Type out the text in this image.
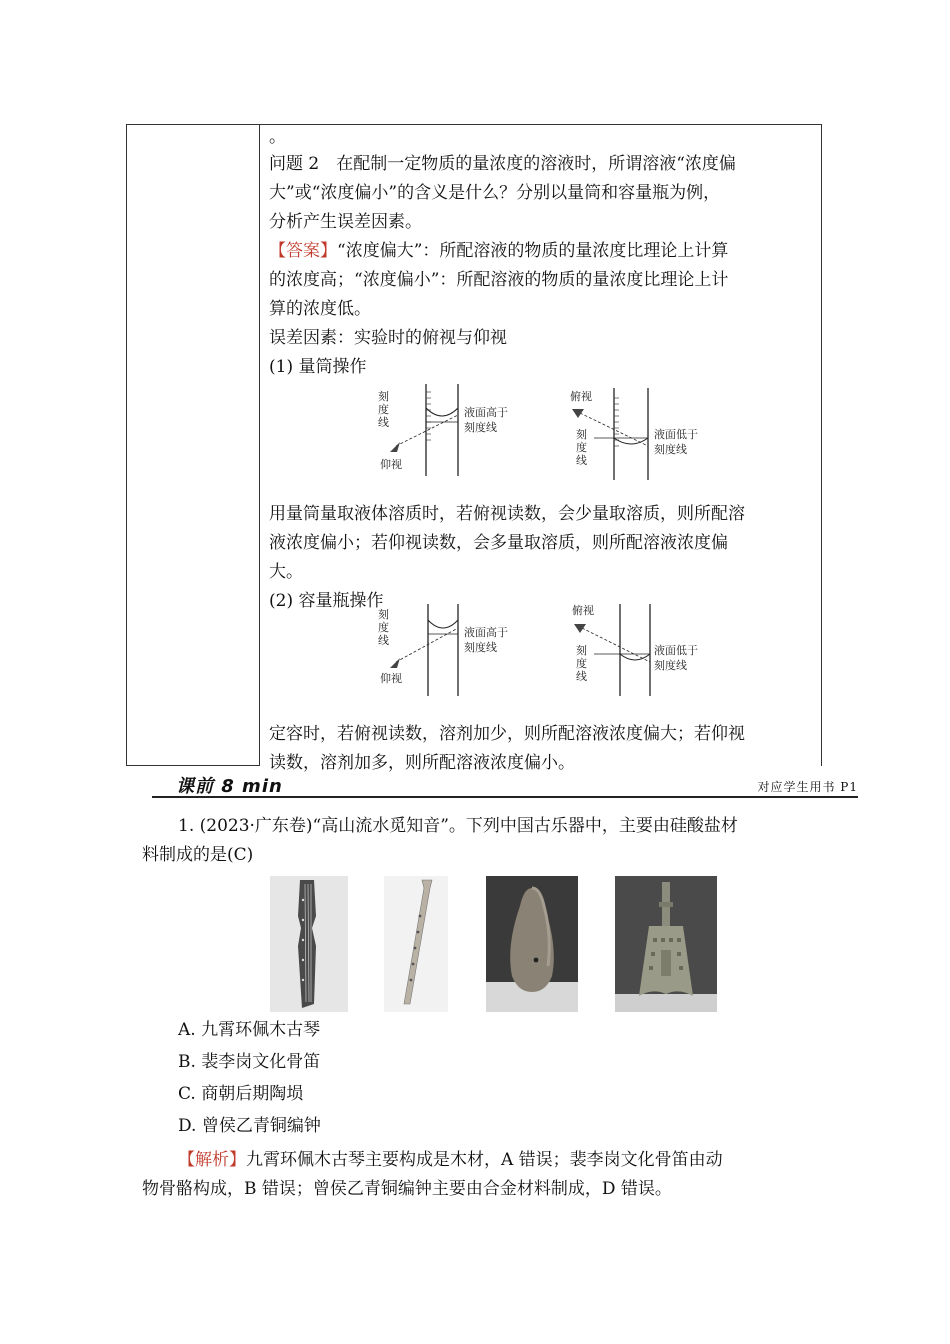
。
问题 2　在配制一定物质的量浓度的溶液时，所谓溶液“浓度偏
大”或“浓度偏小”的含义是什么？分别以量筒和容量瓶为例，
分析产生误差因素。
【答案】“浓度偏大”：所配溶液的物质的量浓度比理论上计算
的浓度高；“浓度偏小”：所配溶液的物质的量浓度比理论上计
算的浓度低。
误差因素：实验时的俯视与仰视
(1) 量筒操作
用量筒量取液体溶质时，若俯视读数，会少量取溶质，则所配溶
液浓度偏小；若仰视读数，会多量取溶质，则所配溶液浓度偏
大。
(2) 容量瓶操作
定容时，若俯视读数，溶剂加少，则所配溶液浓度偏大；若仰视
读数，溶剂加多，则所配溶液浓度偏小。
刻
度
线
仰视
液面高于
刻度线
俯视
刻
度
线
液面低于
刻度线
刻
度
线
仰视
液面高于
刻度线
俯视
刻
度
线
液面低于
刻度线
课前 8 min	对应学生用书 P1
1. (2023·广东卷)“高山流水觅知音”。下列中国古乐器中，主要由硅酸盐材
料制成的是(C)
A. 九霄环佩木古琴
B. 裴李岗文化骨笛
C. 商朝后期陶埙
D. 曾侯乙青铜编钟
【解析】九霄环佩木古琴主要构成是木材，A 错误；裴李岗文化骨笛由动
物骨骼构成，B 错误；曾侯乙青铜编钟主要由合金材料制成，D 错误。
